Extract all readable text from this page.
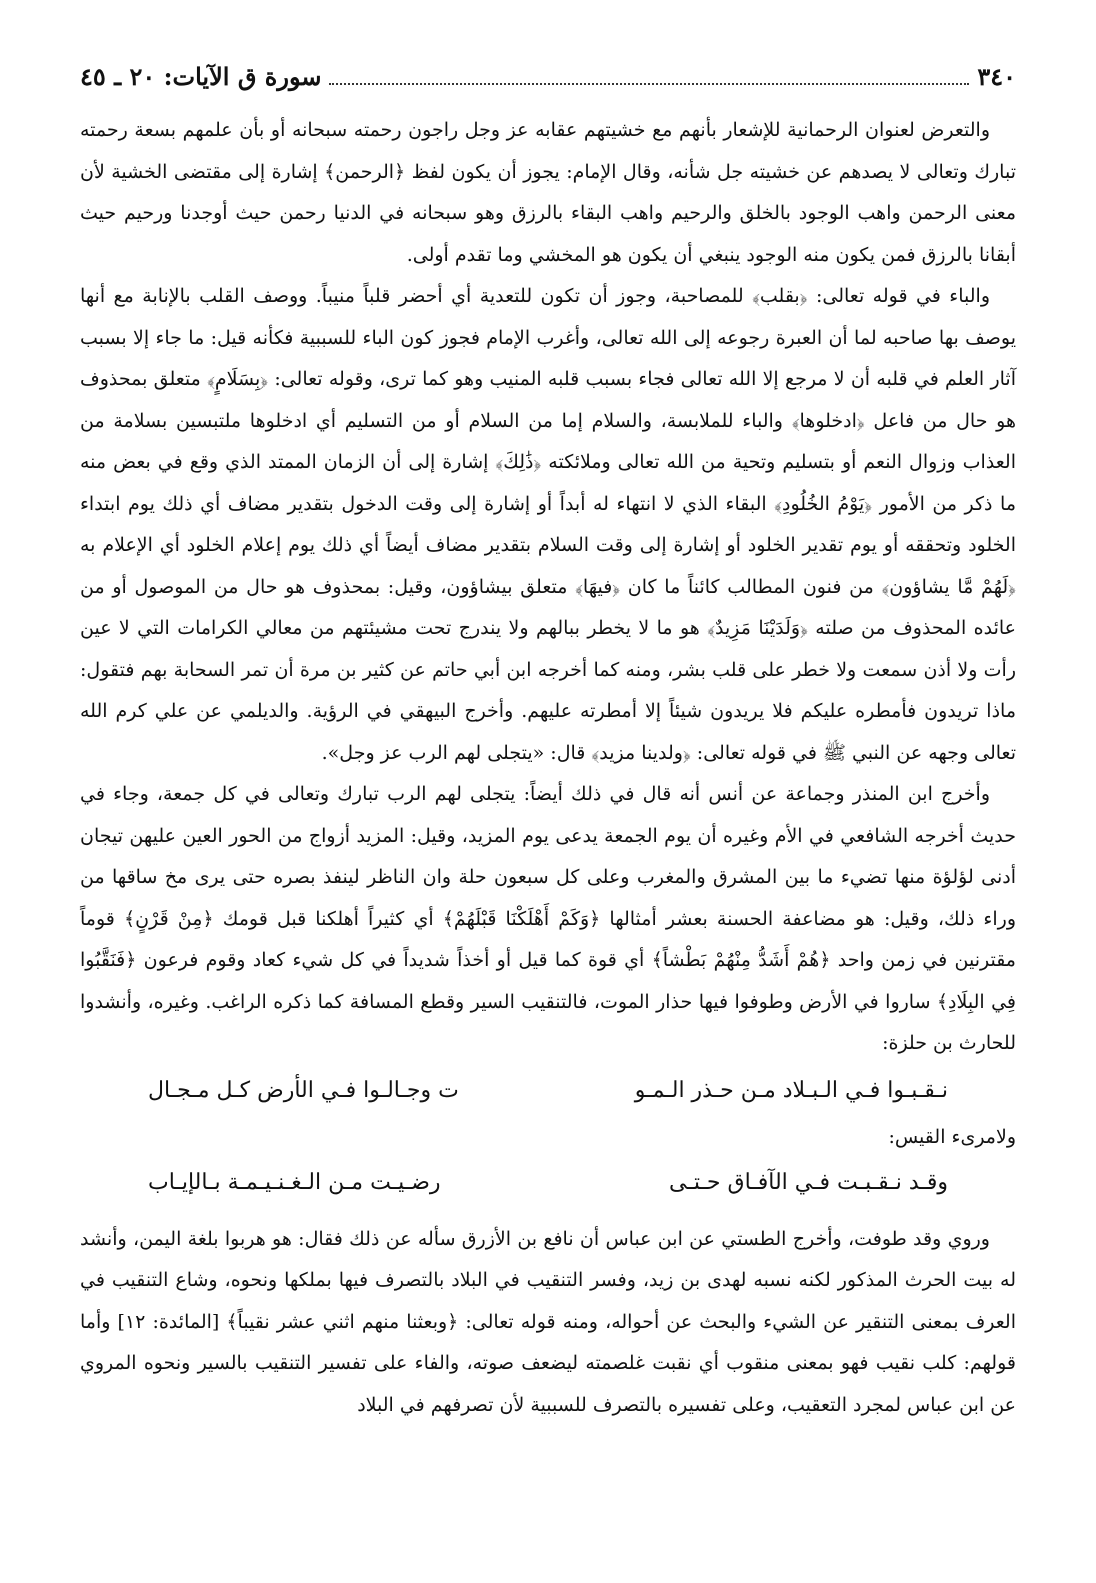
٣٤٠
سورة ق الآيات: ٢٠ ـ ٤٥

والتعرض لعنوان الرحمانية للإشعار بأنهم مع خشيتهم عقابه عز وجل راجون رحمته سبحانه أو بأن علمهم بسعة رحمته تبارك وتعالى لا يصدهم عن خشيته جل شأنه، وقال الإمام: يجوز أن يكون لفظ ﴿الرحمن﴾ إشارة إلى مقتضى الخشية لأن معنى الرحمن واهب الوجود بالخلق والرحيم واهب البقاء بالرزق وهو سبحانه في الدنيا رحمن حيث أوجدنا ورحيم حيث أبقانا بالرزق فمن يكون منه الوجود ينبغي أن يكون هو المخشي وما تقدم أولى.

والباء في قوله تعالى: ﴿بقلب﴾ للمصاحبة، وجوز أن تكون للتعدية أي أحضر قلباً منيباً. ووصف القلب بالإنابة مع أنها يوصف بها صاحبه لما أن العبرة رجوعه إلى الله تعالى، وأغرب الإمام فجوز كون الباء للسببية فكأنه قيل: ما جاء إلا بسبب آثار العلم في قلبه أن لا مرجع إلا الله تعالى فجاء بسبب قلبه المنيب وهو كما ترى، وقوله تعالى: ﴿بِسَلَامٍ﴾ متعلق بمحذوف هو حال من فاعل ﴿ادخلوها﴾ والباء للملابسة، والسلام إما من السلام أو من التسليم أي ادخلوها ملتبسين بسلامة من العذاب وزوال النعم أو بتسليم وتحية من الله تعالى وملائكته ﴿ذَٰلِكَ﴾ إشارة إلى أن الزمان الممتد الذي وقع في بعض منه ما ذكر من الأمور ﴿يَوْمُ الخُلُودِ﴾ البقاء الذي لا انتهاء له أبداً أو إشارة إلى وقت الدخول بتقدير مضاف أي ذلك يوم ابتداء الخلود وتحققه أو يوم تقدير الخلود أو إشارة إلى وقت السلام بتقدير مضاف أيضاً أي ذلك يوم إعلام الخلود أي الإعلام به ﴿لَهُمْ مَّا يشاؤون﴾ من فنون المطالب كائناً ما كان ﴿فيهَا﴾ متعلق بيشاؤون، وقيل: بمحذوف هو حال من الموصول أو من عائده المحذوف من صلته ﴿وَلَدَيْنَا مَزِيدٌ﴾ هو ما لا يخطر ببالهم ولا يندرج تحت مشيئتهم من معالي الكرامات التي لا عين رأت ولا أذن سمعت ولا خطر على قلب بشر، ومنه كما أخرجه ابن أبي حاتم عن كثير بن مرة أن تمر السحابة بهم فتقول: ماذا تريدون فأمطره عليكم فلا يريدون شيئاً إلا أمطرته عليهم. وأخرج البيهقي في الرؤية. والديلمي عن علي كرم الله تعالى وجهه عن النبي ﷺ في قوله تعالى: ﴿ولدينا مزيد﴾ قال: «يتجلى لهم الرب عز وجل».

وأخرج ابن المنذر وجماعة عن أنس أنه قال في ذلك أيضاً: يتجلى لهم الرب تبارك وتعالى في كل جمعة، وجاء في حديث أخرجه الشافعي في الأم وغيره أن يوم الجمعة يدعى يوم المزيد، وقيل: المزيد أزواج من الحور العين عليهن تيجان أدنى لؤلؤة منها تضيء ما بين المشرق والمغرب وعلى كل سبعون حلة وان الناظر لينفذ بصره حتى يرى مخ ساقها من وراء ذلك، وقيل: هو مضاعفة الحسنة بعشر أمثالها ﴿وَكَمْ أَهْلَكْنَا قَبْلَهُمْ﴾ أي كثيراً أهلكنا قبل قومك ﴿مِنْ قَرْنٍ﴾ قوماً مقترنين في زمن واحد ﴿هُمْ أَشَدُّ مِنْهُمْ بَطْشاً﴾ أي قوة كما قيل أو أخذاً شديداً في كل شيء كعاد وقوم فرعون ﴿فَنَقَّبُوا فِي البِلَادِ﴾ ساروا في الأرض وطوفوا فيها حذار الموت، فالتنقيب السير وقطع المسافة كما ذكره الراغب. وغيره، وأنشدوا للحارث بن حلزة:

نـقـبـوا فـي الـبـلاد مـن حـذر الـمـو
ت وجـالـوا فـي الأرض كـل مـجـال

ولامرىء القيس:

وقـد نـقـبـت فـي الآفـاق حـتـى
رضـيـت مـن الـغـنـيـمـة بـالإيـاب

وروي وقد طوفت، وأخرج الطستي عن ابن عباس أن نافع بن الأزرق سأله عن ذلك فقال: هو هربوا بلغة اليمن، وأنشد له بيت الحرث المذكور لكنه نسبه لهدى بن زيد، وفسر التنقيب في البلاد بالتصرف فيها بملكها ونحوه، وشاع التنقيب في العرف بمعنى التنقير عن الشيء والبحث عن أحواله، ومنه قوله تعالى: ﴿وبعثنا منهم اثني عشر نقيباً﴾ [المائدة: ١٢] وأما قولهم: كلب نقيب فهو بمعنى منقوب أي نقبت غلصمته ليضعف صوته، والفاء على تفسير التنقيب بالسير ونحوه المروي عن ابن عباس لمجرد التعقيب، وعلى تفسيره بالتصرف للسببية لأن تصرفهم في البلاد
